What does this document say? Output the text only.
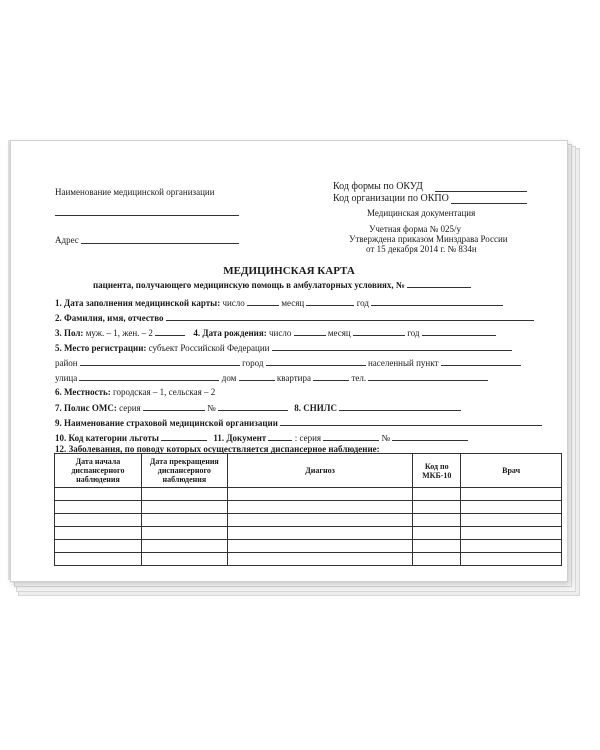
Наименование медицинской организации
Адрес
Код формы по ОКУД
Код организации по ОКПО
Медицинская документация
Учетная форма № 025/у
Утверждена приказом Минздрава России
от 15 декабря 2014 г. № 834н
МЕДИЦИНСКАЯ КАРТА
пациента, получающего медицинскую помощь в амбулаторных условиях, №
1. Дата заполнения медицинской карты: число	месяц	год
2. Фамилия, имя, отчество
3. Пол: муж. – 1, жен. – 2	4. Дата рождения: число	месяц	год
5. Место регистрации: субъект Российской Федерации
район	город	населенный пункт
улица	дом	квартира	тел.
6. Местность: городская – 1, сельская – 2
7. Полис ОМС: серия	№	8. СНИЛС
9. Наименование страховой медицинской организации
10. Код категории льготы	11. Документ	: серия	№
12. Заболевания, по поводу которых осуществляется диспансерное наблюдение:
Дата начала диспансерного наблюдения	Дата прекращения диспансерного наблюдения	Диагноз	Код по МКБ-10	Врач
